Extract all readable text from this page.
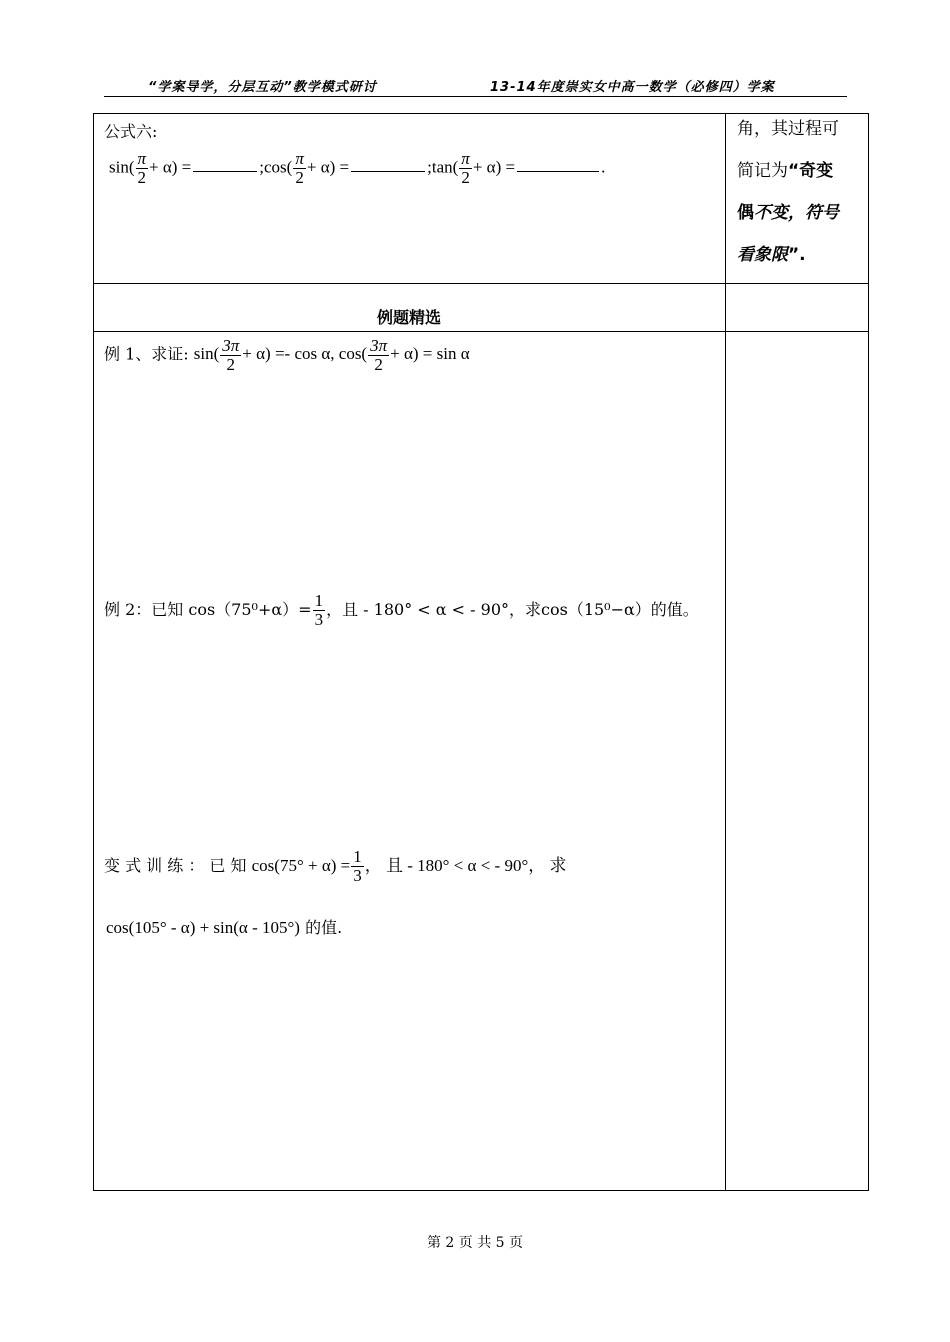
“学案导学，分层互动”教学模式研讨	13-14年度崇实女中高一数学（必修四）学案
公式六:
$\sin( \frac{\pi}{2} + \alpha)$ =	;cos( $\frac{\pi}{2} + \alpha$) =	;tan( $\frac{\pi}{2} + \alpha$) =	.
角，其过程可
简记为“奇变
偶不变，符号
看象限”.
例题精选
例 1、求证: $\sin( \frac{3\pi}{2} + \alpha) =- \cos \alpha$, $\cos( \frac{3\pi}{2} + \alpha) = \sin \alpha$
例 2：已知 $\cos(75^0+\alpha)= \frac{1}{3}$ ，且 - 180° < α < - 90°，求cos（15⁰−α）的值。
变 式 训 练 ： 已 知 $\cos(75^\circ + \alpha) = \frac{1}{3}$ ， 且 - 180° < α < - 90°， 求
cos(105° - α) + sin(α - 105°) 的值.
第 2 页 共 5 页
